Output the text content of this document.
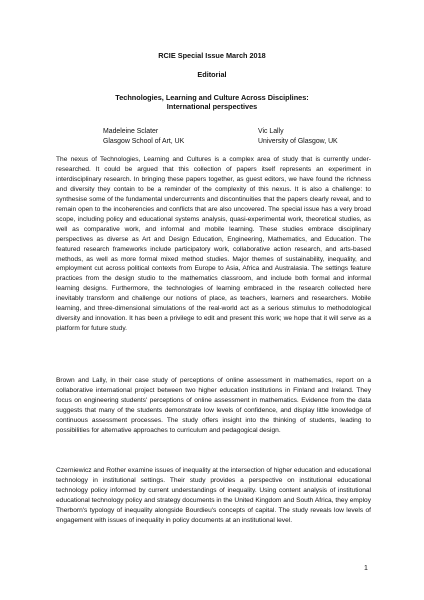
RCIE Special Issue March 2018
Editorial
Technologies, Learning and Culture Across Disciplines:
International perspectives
Madeleine Sclater
Glasgow School of Art, UK
Vic Lally
University of Glasgow, UK
The nexus of Technologies, Learning and Cultures is a complex area of study that is currently under-researched. It could be argued that this collection of papers itself represents an experiment in interdisciplinary research. In bringing these papers together, as guest editors, we have found the richness and diversity they contain to be a reminder of the complexity of this nexus. It is also a challenge: to synthesise some of the fundamental undercurrents and discontinuities that the papers clearly reveal, and to remain open to the incoherencies and conflicts that are also uncovered. The special issue has a very broad scope, including policy and educational systems analysis, quasi-experimental work, theoretical studies, as well as comparative work, and informal and mobile learning. These studies embrace disciplinary perspectives as diverse as Art and Design Education, Engineering, Mathematics, and Education. The featured research frameworks include participatory work, collaborative action research, and arts-based methods, as well as more formal mixed method studies. Major themes of sustainability, inequality, and employment cut across political contexts from Europe to Asia, Africa and Australasia. The settings feature practices from the design studio to the mathematics classroom, and include both formal and informal learning designs. Furthermore, the technologies of learning embraced in the research collected here inevitably transform and challenge our notions of place, as teachers, learners and researchers. Mobile learning, and three-dimensional simulations of the real-world act as a serious stimulus to methodological diversity and innovation. It has been a privilege to edit and present this work; we hope that it will serve as a platform for future study.
Brown and Lally, in their case study of perceptions of online assessment in mathematics, report on a collaborative international project between two higher education institutions in Finland and Ireland. They focus on engineering students' perceptions of online assessment in mathematics. Evidence from the data suggests that many of the students demonstrate low levels of confidence, and display little knowledge of continuous assessment processes. The study offers insight into the thinking of students, leading to possibilities for alternative approaches to curriculum and pedagogical design.
Czerniewicz and Rother examine issues of inequality at the intersection of higher education and educational technology in institutional settings. Their study provides a perspective on institutional educational technology policy informed by current understandings of inequality. Using content analysis of institutional educational technology policy and strategy documents in the United Kingdom and South Africa, they employ Therborn's typology of inequality alongside Bourdieu's concepts of capital. The study reveals low levels of engagement with issues of inequality in policy documents at an institutional level.
1
